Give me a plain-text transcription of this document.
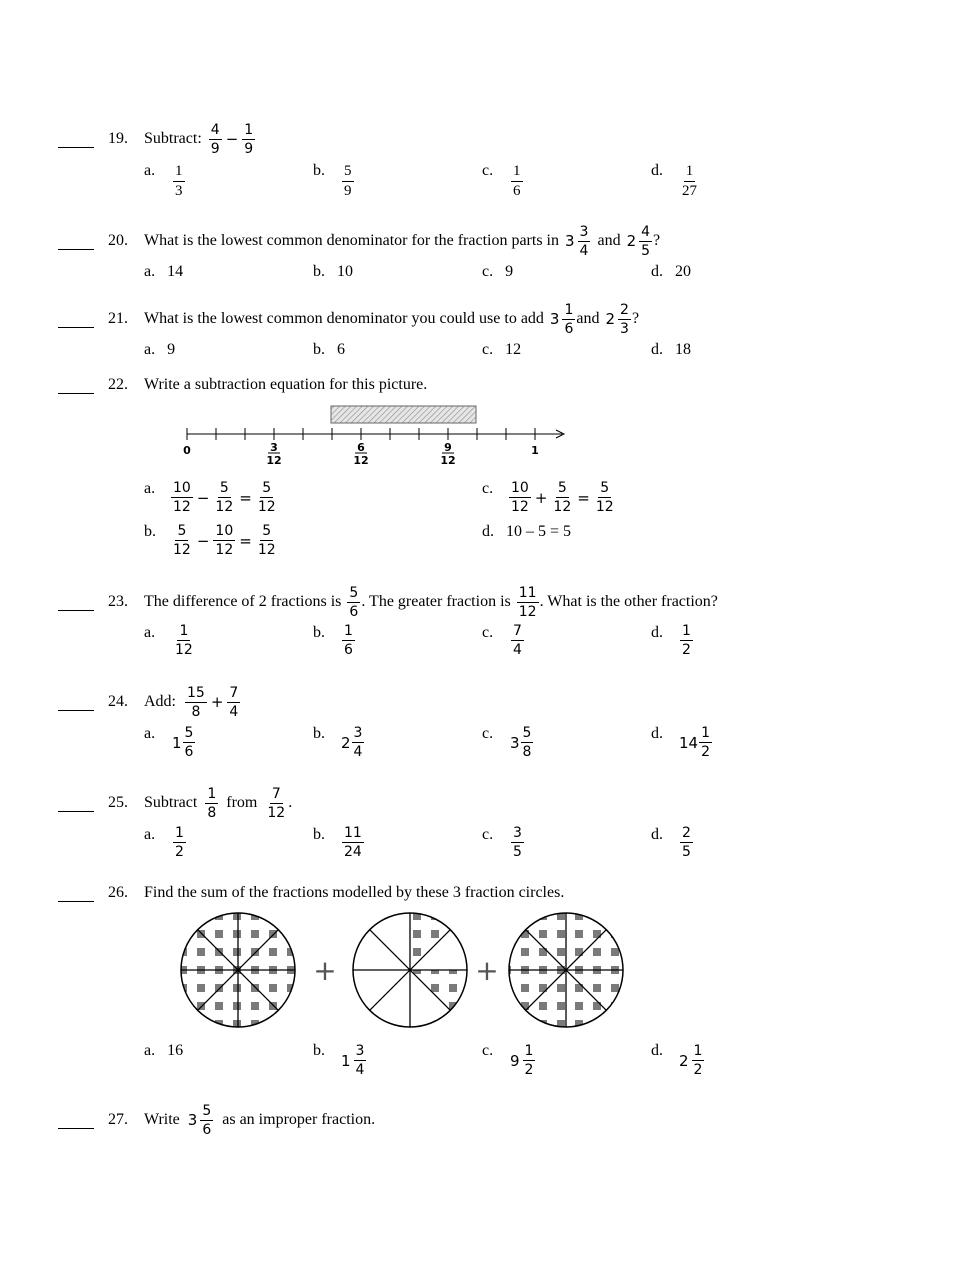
19. Subtract: $\frac{4}{9} - \frac{1}{9}$
a. $\frac{1}{3}$	b. $\frac{5}{9}$	c. $\frac{1}{6}$	d. $\frac{1}{27}$
20. What is the lowest common denominator for the fraction parts in $3 \frac{3}{4}$ and $2 \frac{4}{5}$ ?
a. 14	b. 10	c. 9	d. 20
21. What is the lowest common denominator you could use to add $3 \frac{1}{6}$ and $2 \frac{2}{3}$ ?
a. 9	b. 6	c. 12	d. 18
22. Write a subtraction equation for this picture.
0	3
12
6
12
9
12
1
a. $\frac{10}{12} - \frac{5}{12} = \frac{5}{12}$
b. $\frac{5}{12} - \frac{10}{12} = \frac{5}{12}$
c. $\frac{10}{12} + \frac{5}{12} = \frac{5}{12}$
d. 10 – 5 = 5
23. The difference of 2 fractions is $\frac{5}{6}$ . The greater fraction is $\frac{11}{12}$ . What is the other fraction?
a. $\frac{1}{12}$	b. $\frac{1}{6}$	c. $\frac{7}{4}$	d. $\frac{1}{2}$
24. Add: $\frac{15}{8} + \frac{7}{4}$
a. $1 \frac{5}{6}$	b. $2 \frac{3}{4}$	c. $3 \frac{5}{8}$	d. $14 \frac{1}{2}$
25. Subtract $\frac{1}{8}$ from $\frac{7}{12}$ .
a. $\frac{1}{2}$	b. $\frac{11}{24}$	c. $\frac{3}{5}$	d. $\frac{2}{5}$
26. Find the sum of the fractions modelled by these 3 fraction circles.
+	+
a. 16	b.
$1 \frac{3}{4}$	c.
$9 \frac{1}{2}$	d.
$2 \frac{1}{2}$
27. Write $3 \frac{5}{6}$ as an improper fraction.
